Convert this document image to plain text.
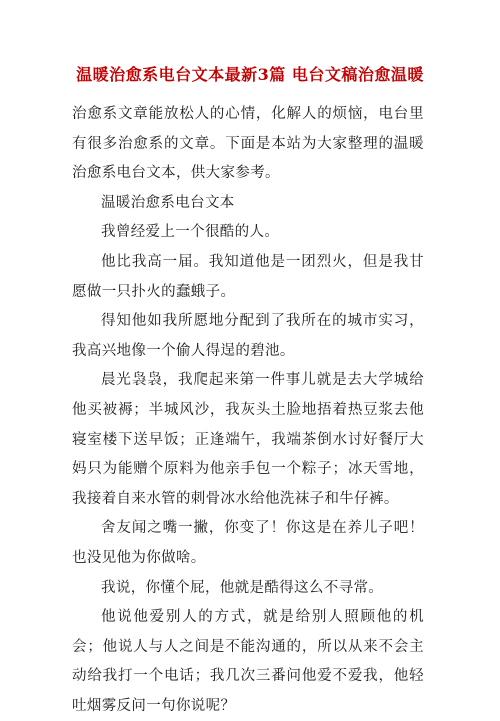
温暖治愈系电台文本最新3篇 电台文稿治愈温暖

治愈系文章能放松人的心情，化解人的烦恼，电台里有很多治愈系的文章。下面是本站为大家整理的温暖治愈系电台文本，供大家参考。

温暖治愈系电台文本

我曾经爱上一个很酷的人。

他比我高一届。我知道他是一团烈火，但是我甘愿做一只扑火的蠢蛾子。

得知他如我所愿地分配到了我所在的城市实习，我高兴地像一个偷人得逞的碧池。

晨光袅袅，我爬起来第一件事儿就是去大学城给他买被褥；半城风沙，我灰头土脸地捂着热豆浆去他寝室楼下送早饭；正逢端午，我端茶倒水讨好餐厅大妈只为能赠个原料为他亲手包一个粽子；冰天雪地，我接着自来水管的刺骨冰水给他洗袜子和牛仔裤。

舍友闻之嘴一撇，你变了！你这是在养儿子吧！也没见他为你做啥。

我说，你懂个屁，他就是酷得这么不寻常。

他说他爱别人的方式，就是给别人照顾他的机会；他说人与人之间是不能沟通的，所以从来不会主动给我打一个电话；我几次三番问他爱不爱我，他轻吐烟雾反问一句你说呢？
